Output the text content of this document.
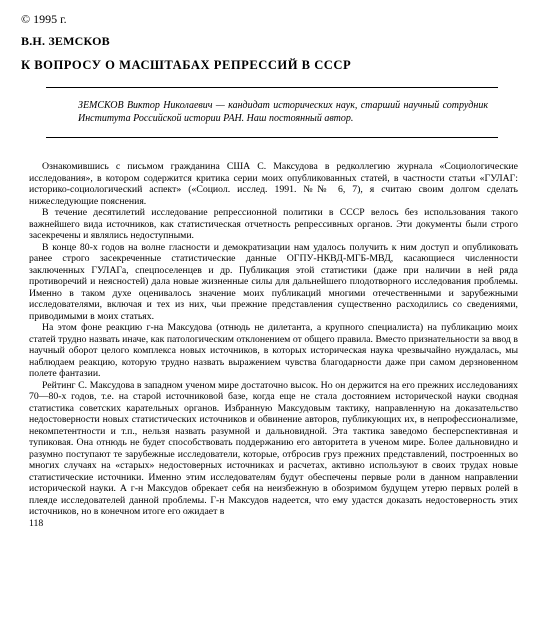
© 1995 г.
В.Н. ЗЕМСКОВ
К ВОПРОСУ О МАСШТАБАХ РЕПРЕССИЙ В СССР
ЗЕМСКОВ Виктор Николаевич — кандидат исторических наук, старший научный сотрудник Института Российской истории РАН. Наш постоянный автор.

Ознакомившись с письмом гражданина США С. Максудова в редколлегию журнала «Социологические исследования», в котором содержится критика серии моих опубликованных статей, в частности статьи «ГУЛАГ: историко-социологический аспект» («Социол. исслед. 1991. №№ 6, 7), я считаю своим долгом сделать нижеследующие пояснения.

В течение десятилетий исследование репрессионной политики в СССР велось без использования такого важнейшего вида источников, как статистическая отчетность репрессивных органов. Эти документы были строго засекречены и являлись недоступными.

В конце 80-х годов на волне гласности и демократизации нам удалось получить к ним доступ и опубликовать ранее строго засекреченные статистические данные ОГПУ-НКВД-МГБ-МВД, касающиеся численности заключенных ГУЛАГа, спецпоселенцев и др. Публикация этой статистики (даже при наличии в ней ряда противоречий и неясностей) дала новые жизненные силы для дальнейшего плодотворного исследования проблемы. Именно в таком духе оценивалось значение моих публикаций многими отечественными и зарубежными исследователями, включая и тех из них, чьи прежние представления существенно расходились со сведениями, приводимыми в моих статьях.

На этом фоне реакцию г-на Максудова (отнюдь не дилетанта, а крупного специалиста) на публикацию моих статей трудно назвать иначе, как патологическим отклонением от общего правила. Вместо признательности за ввод в научный оборот целого комплекса новых источников, в которых историческая наука чрезвычайно нуждалась, мы наблюдаем реакцию, которую трудно назвать выражением чувства благодарности даже при самом дерзновенном полете фантазии.

Рейтинг С. Максудова в западном ученом мире достаточно высок. Но он держится на его прежних исследованиях 70—80-х годов, т.е. на старой источниковой базе, когда еще не стала достоянием исторической науки сводная статистика советских карательных органов. Избранную Максудовым тактику, направленную на доказательство недостоверности новых статистических источников и обвинение авторов, публикующих их, в непрофессионализме, некомпетентности и т.п., нельзя назвать разумной и дальновидной. Эта тактика заведомо бесперспективная и тупиковая. Она отнюдь не будет способствовать поддержанию его авторитета в ученом мире. Более дальновидно и разумно поступают те зарубежные исследователи, которые, отбросив груз прежних представлений, построенных во многих случаях на «старых» недостоверных источниках и расчетах, активно используют в своих трудах новые статистические источники. Именно этим исследователям будут обеспечены первые роли в данном направлении исторической науки. А г-н Максудов обрекает себя на неизбежную в обозримом будущем утерю первых ролей в плеяде исследователей данной проблемы. Г-н Максудов надеется, что ему удастся доказать недостоверность этих источников, но в конечном итоге его ожидает в

118
